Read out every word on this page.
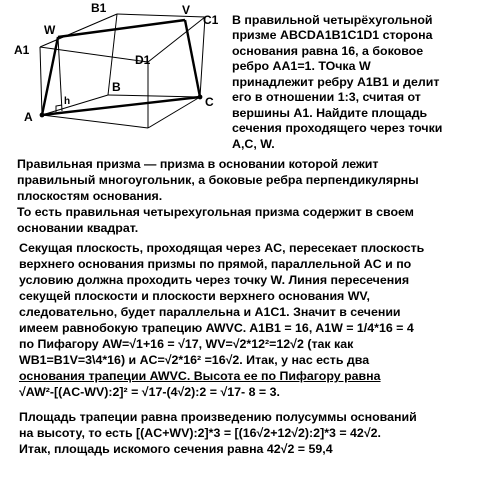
B1	V
C1
W
A1
D1
B
h
A
C
В правильной четырёхугольной
призме ABCDA1B1C1D1 сторона
основания равна 16, а боковое
ребро AA1=1. ТОчка W
принадлежит ребру A1B1 и делит
его в отношении 1:3, считая от
вершины A1. Найдите площадь
сечения проходящего через точки
A,C, W.
Правильная призма — призма в основании которой лежит
правильный многоугольник, а боковые ребра перпендикулярны
плоскостям основания.
То есть правильная четырехугольная призма содержит в своем
основании квадрат.
Секущая плоскость, проходящая через AC, пересекает плоскость
верхнего основания призмы по прямой, параллельной AC и по
условию должна проходить через точку W. Линия пересечения
секущей плоскости и плоскости верхнего основания WV,
следовательно, будет параллельна и A1C1. Значит в сечении
имеем равнобокую трапецию AWVC. A1B1 = 16, A1W = 1/4*16 = 4
по Пифагору AW=√1+16 = √17, WV=√2*12²=12√2 (так как
WB1=B1V=3\4*16) и AC=√2*16² =16√2. Итак, у нас есть два
основания трапеции AWVC. Высота ее по Пифагору равна
√AW²-[(AC-WV):2]² = √17-(4√2):2 = √17- 8 = 3.
Площадь трапеции равна произведению полусуммы оснований
на высоту, то есть [(AC+WV):2]*3 = [(16√2+12√2):2]*3 = 42√2.
Итак, площадь искомого сечения равна 42√2 = 59,4
